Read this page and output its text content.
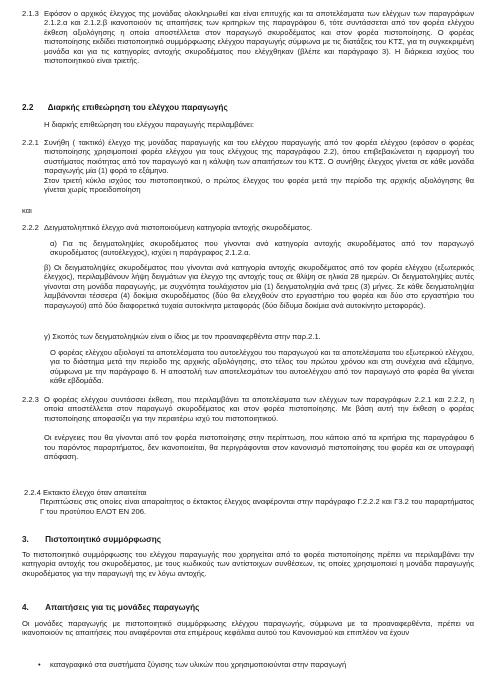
2.1.3 Εφόσον ο αρχικός έλεγχος της μονάδας ολοκληρωθεί και είναι επιτυχής και τα αποτελέσματα των ελέγχων των παραγράφων 2.1.2.α και 2.1.2.β ικανοποιούν τις απαιτήσεις των κριτηρίων της παραγράφου 6, τότε συντάσσεται από τον φορέα ελέγχου έκθεση αξιολόγησης η οποία αποστέλλεται στον παραγωγό σκυροδέματος και στον φορέα πιστοποίησης. Ο φορέας πιστοποίησης εκδίδει πιστοποιητικό συμμόρφωσης ελέγχου παραγωγής σύμφωνα με τις διατάξεις του ΚΤΣ, για τη συγκεκριμένη μονάδα και για τις κατηγορίες αντοχής σκυροδέματος που ελέγχθηκαν (βλέπε και παράγραφο 3). Η διάρκεια ισχύος του πιστοποιητικού είναι τριετής.
2.2 Διαρκής επιθεώρηση του ελέγχου παραγωγής
Η διαρκής επιθεώρηση του ελέγχου παραγωγής περιλαμβάνει:
2.2.1 Συνήθη ( τακτικό) έλεγχο της μονάδας παραγωγής και του ελέγχου παραγωγής από τον φορέα ελέγχου (εφόσον ο φορέας πιστοποίησης χρησιμοποιεί φορέα ελέγχου για τους ελέγχους της παραγράφου 2.2), όπου επιβεβαιώνεται η εφαρμογή του συστήματος ποιότητας από τον παραγωγό και η κάλυψη των απαιτήσεων του ΚΤΣ. Ο συνήθης έλεγχος γίνεται σε κάθε μονάδα παραγωγής μία (1) φορά το εξάμηνο.
Στον τριετή κύκλο ισχύος του πιστοποιητικού, ο πρώτος έλεγχος του φορέα μετά την περίοδο της αρχικής αξιολόγησης θα γίνεται χωρίς προειδοποίηση
και
2.2.2 Δειγματοληπτικό έλεγχο ανά πιστοποιούμενη κατηγορία αντοχής σκυροδέματος.
α) Για τις δειγματοληψίες σκυροδέματος που γίνονται ανά κατηγορία αντοχής σκυροδέματος από τον παραγωγό σκυροδέματος (αυτοέλεγχος), ισχύει η παράγραφος 2.1.2.α.
β) Οι δειγματοληψίες σκυροδέματος που γίνονται ανά κατηγορία αντοχής σκυροδέματος από τον φορέα ελέγχου (εξωτερικός έλεγχος), περιλαμβάνουν λήψη δειγμάτων για έλεγχο της αντοχής τους σε θλίψη σε ηλικία 28 ημερών. Οι δειγματοληψίες αυτές γίνονται στη μονάδα παραγωγής, με συχνότητα τουλάχιστον μία (1) δειγματοληψία ανά τρεις (3) μήνες. Σε κάθε δειγματοληψία λαμβάνονται τέσσερα (4) δοκίμια σκυροδέματος (δύο θα ελεγχθούν στο εργαστήριο του φορέα και δύο στο εργαστήριο του παραγωγού) από δύο διαφορετικά τυχαία αυτοκίνητα μεταφοράς (δύο δίδυμα δοκίμια ανά αυτοκίνητο μεταφοράς).
γ) Σκοπός των δειγματοληψιών είναι ο ίδιος με τον προαναφερθέντα στην παρ.2.1.
Ο φορέας ελέγχου αξιολογεί τα αποτελέσματα του αυτοελέγχου του παραγωγού και τα αποτελέσματα του εξωτερικού ελέγχου, για το διάστημα μετά την περίοδο της αρχικής αξιολόγησης, στο τέλος του πρώτου χρόνου και στη συνέχεια ανά εξάμηνο, σύμφωνα με την παράγραφο 6. Η αποστολή των αποτελεσμάτων του αυτοελέγχου από τον παραγωγό στο φορέα θα γίνεται κάθε εβδομάδα.
2.2.3 Ο φορέας ελέγχου συντάσσει έκθεση, που περιλαμβάνει τα αποτελέσματα των ελέγχων των παραγράφων 2.2.1 και 2.2.2, η οποία αποστέλλεται στον παραγωγό σκυροδέματος και στον φορέα πιστοποίησης. Με βάση αυτή την έκθεση ο φορέας πιστοποίησης αποφασίζει για την περαιτέρω ισχύ του πιστοποιητικού.
Οι ενέργειες που θα γίνονται από τον φορέα πιστοποίησης στην περίπτωση, που κάποιο από τα κριτήρια της παραγράφου 6 του παρόντος παραρτήματος, δεν ικανοποιείται, θα περιγράφονται στον κανονισμό πιστοποίησης του φορέα και σε υπογραφή απόφαση.
2.2.4 Εκτακτο έλεγχο όταν απαιτείται
Περιπτώσεις στις οποίες είναι απαραίτητος ο έκτακτος έλεγχος αναφέρονται στην παράγραφο Γ.2.2.2 και Γ3.2 του παραρτήματος Γ του προτύπου ΕΛΟΤ ΕΝ 206.
3. Πιστοποιητικό συμμόρφωσης
Το πιστοποιητικό συμμόρφωσης του ελέγχου παραγωγής που χορηγείται από το φορέα πιστοποίησης πρέπει να περιλαμβάνει την κατηγορία αντοχής του σκυροδέματος, με τους κωδικούς των αντίστοιχων συνθέσεων, τις οποίες χρησιμοποιεί η μονάδα παραγωγής σκυροδέματος για την παραγωγή της εν λόγω αντοχής.
4. Απαιτήσεις για τις μονάδες παραγωγής
Οι μονάδες παραγωγής με πιστοποιητικό συμμόρφωσης ελέγχου παραγωγής, σύμφωνα με τα προαναφερθέντα, πρέπει να ικανοποιούν τις απαιτήσεις που αναφέρονται στα επιμέρους κεφάλαια αυτού του Κανονισμού και επιπλέον να έχουν
• καταγραφικό στα συστήματα ζύγισης των υλικών που χρησιμοποιούνται στην παραγωγή
